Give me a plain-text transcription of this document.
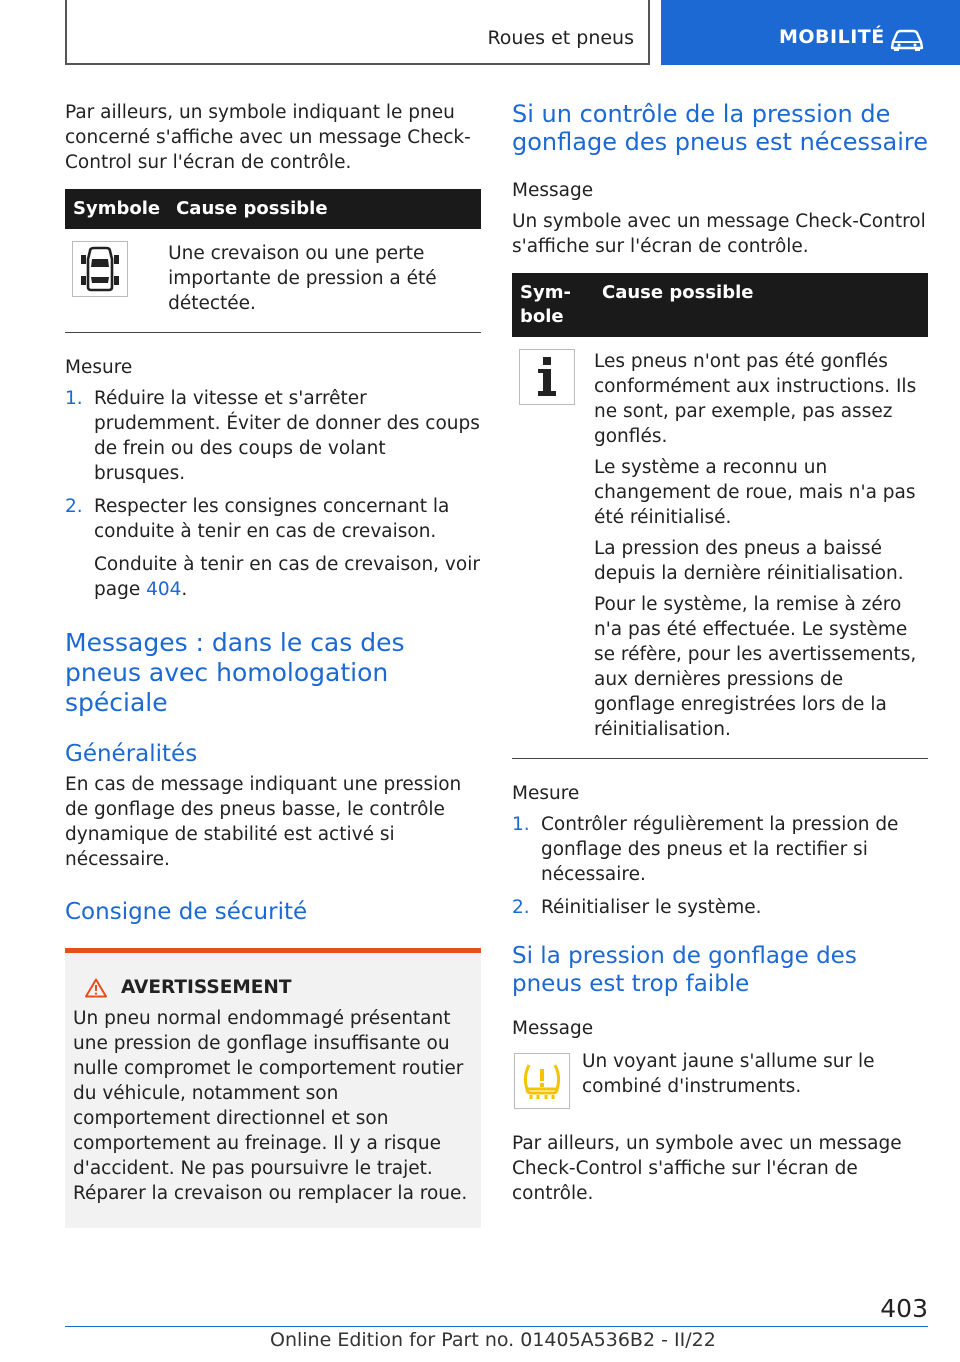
Roues et pneus	MOBILITÉ

Par ailleurs, un symbole indiquant le pneu concerné s'affiche avec un message Check-Control sur l'écran de contrôle.

Symbole	Cause possible

	Une crevaison ou une perte importante de pression a été détectée.

Mesure

1. Réduire la vitesse et s'arrêter prudemment. Éviter de donner des coups de frein ou des coups de volant brusques.
2. Respecter les consignes concernant la conduite à tenir en cas de crevaison.
Conduite à tenir en cas de crevaison, voir page 404.
Messages : dans le cas des pneus avec homologation spéciale
Généralités

En cas de message indiquant une pression de gonflage des pneus basse, le contrôle dynamique de stabilité est activé si nécessaire.

Consigne de sécurité
AVERTISSEMENT

Un pneu normal endommagé présentant une pression de gonflage insuffisante ou nulle compromet le comportement routier du véhicule, notamment son comportement directionnel et son comportement au freinage. Il y a risque d'accident. Ne pas poursuivre le trajet. Réparer la crevaison ou remplacer la roue.

Si un contrôle de la pression de gonflage des pneus est nécessaire

Message

Un symbole avec un message Check-Control s'affiche sur l'écran de contrôle.

Symbole	Cause possible

Les pneus n'ont pas été gonflés conformément aux instructions. Ils ne sont, par exemple, pas assez gonflés.

Le système a reconnu un changement de roue, mais n'a pas été réinitialisé.

La pression des pneus a baissé depuis la dernière réinitialisation.

Pour le système, la remise à zéro n'a pas été effectuée. Le système se réfère, pour les avertissements, aux dernières pressions de gonflage enregistrées lors de la réinitialisation.

Mesure

1. Contrôler régulièrement la pression de gonflage des pneus et la rectifier si nécessaire.
2. Réinitialiser le système.
Si la pression de gonflage des pneus est trop faible

Message

Un voyant jaune s'allume sur le combiné d'instruments.

Par ailleurs, un symbole avec un message Check-Control s'affiche sur l'écran de contrôle.

403
Online Edition for Part no. 01405A536B2 - II/22
